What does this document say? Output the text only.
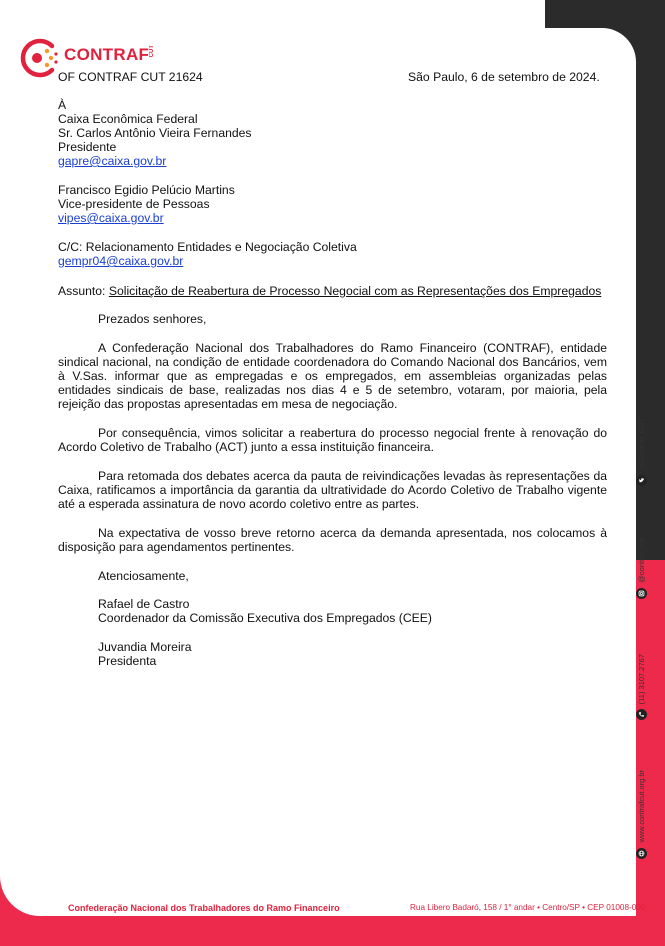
CONTRAF CUT
OF CONTRAF CUT 21624	São Paulo, 6 de setembro de 2024.
À
Caixa Econômica Federal
Sr. Carlos Antônio Vieira Fernandes
Presidente
gapre@caixa.gov.br
Francisco Egidio Pelúcio Martins
Vice-presidente de Pessoas
vipes@caixa.gov.br
C/C: Relacionamento Entidades e Negociação Coletiva
gempr04@caixa.gov.br
Assunto: Solicitação de Reabertura de Processo Negocial com as Representações dos Empregados
Prezados senhores,
A Confederação Nacional dos Trabalhadores do Ramo Financeiro (CONTRAF), entidade sindical nacional, na condição de entidade coordenadora do Comando Nacional dos Bancários, vem à V.Sas. informar que as empregadas e os empregados, em assembleias organizadas pelas entidades sindicais de base, realizadas nos dias 4 e 5 de setembro, votaram, por maioria, pela rejeição das propostas apresentadas em mesa de negociação.
Por consequência, vimos solicitar a reabertura do processo negocial frente à renovação do Acordo Coletivo de Trabalho (ACT) junto a essa instituição financeira.
Para retomada dos debates acerca da pauta de reivindicações levadas às representações da Caixa, ratificamos a importância da garantia da ultratividade do Acordo Coletivo de Trabalho vigente até a esperada assinatura de novo acordo coletivo entre as partes.
Na expectativa de vosso breve retorno acerca da demanda apresentada, nos colocamos à disposição para agendamentos pertinentes.
Atenciosamente,
Rafael de Castro
Coordenador da Comissão Executiva dos Empregados (CEE)
Juvandia Moreira
Presidenta
@Contraf_CUT
@contraf_cut
(11) 3107.2767
www.contrafcut.org.br
Confederação Nacional dos Trabalhadores do Ramo Financeiro	Rua Libero Badaró, 158 / 1° andar • Centro/SP • CEP 01008-000
